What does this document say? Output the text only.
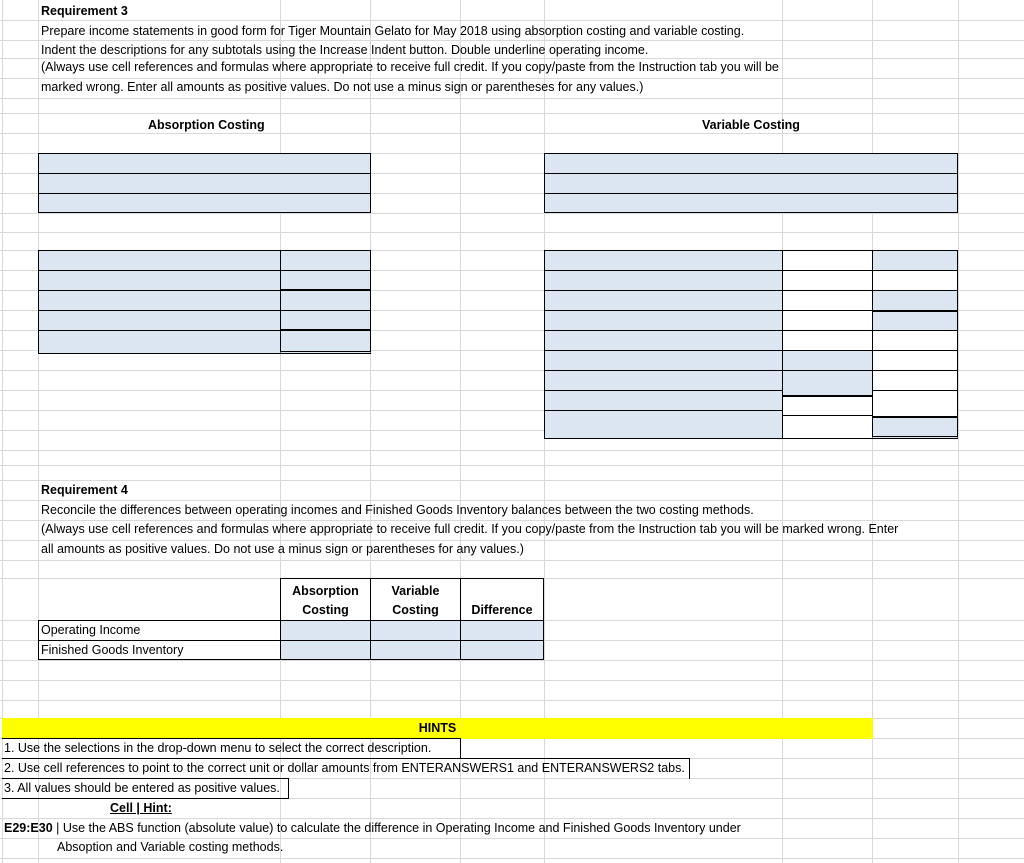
Requirement 3
Prepare income statements in good form for Tiger Mountain Gelato for May 2018 using absorption costing and variable costing.
Indent the descriptions for any subtotals using the Increase Indent button. Double underline operating income.
(Always use cell references and formulas where appropriate to receive full credit. If you copy/paste from the Instruction tab you will be
marked wrong. Enter all amounts as positive values. Do not use a minus sign or parentheses for any values.)
Absorption Costing	Variable Costing
Requirement 4
Reconcile the differences between operating incomes and Finished Goods Inventory balances between the two costing methods.
(Always use cell references and formulas where appropriate to receive full credit. If you copy/paste from the Instruction tab you will be marked wrong. Enter
all amounts as positive values. Do not use a minus sign or parentheses for any values.)
Absorption
Costing
Variable
Costing	Difference
Operating Income
Finished Goods Inventory
HINTS
1. Use the selections in the drop-down menu to select the correct description.
2. Use cell references to point to the correct unit or dollar amounts from ENTERANSWERS1 and ENTERANSWERS2 tabs.
3. All values should be entered as positive values.
Cell | Hint:
E29:E30 | Use the ABS function (absolute value) to calculate the difference in Operating Income and Finished Goods Inventory under
Absoption and Variable costing methods.
